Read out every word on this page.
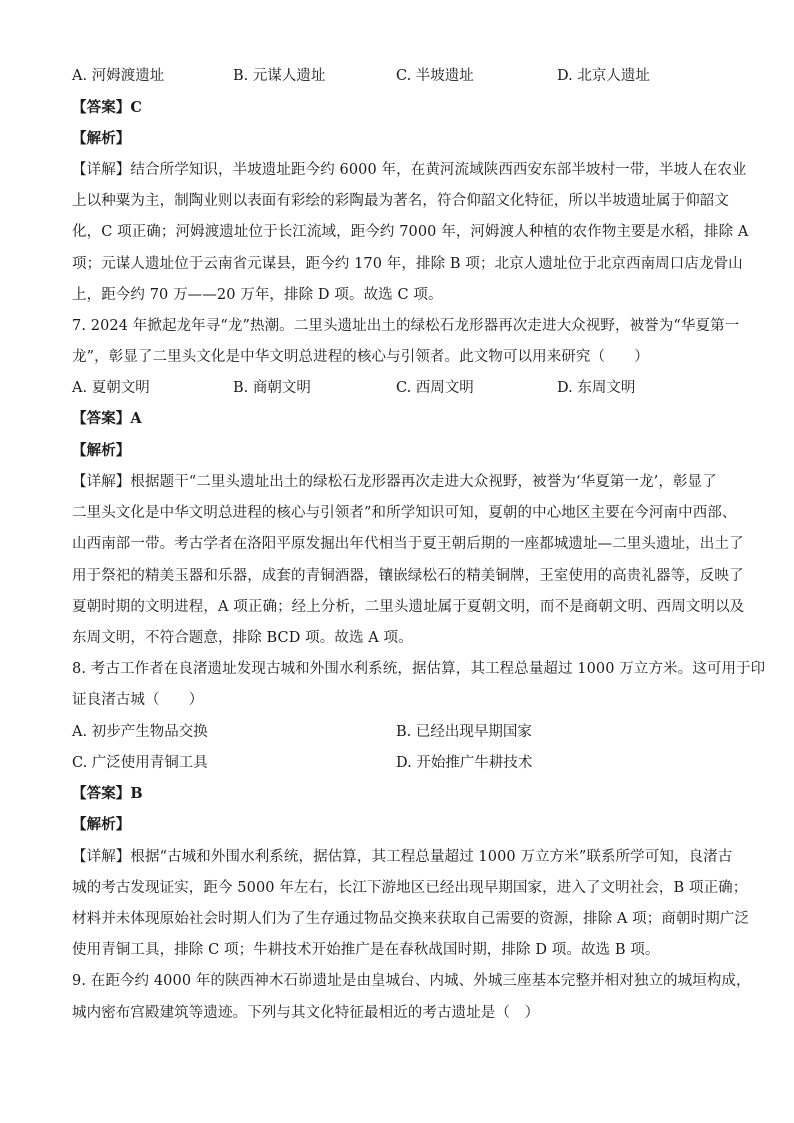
A. 河姆渡遗址	B. 元谋人遗址	C. 半坡遗址	D. 北京人遗址
【答案】C
【解析】
【详解】结合所学知识，半坡遗址距今约 6000 年，在黄河流域陕西西安东部半坡村一带，半坡人在农业
上以种粟为主，制陶业则以表面有彩绘的彩陶最为著名，符合仰韶文化特征，所以半坡遗址属于仰韶文
化，C 项正确；河姆渡遗址位于长江流域，距今约 7000 年，河姆渡人种植的农作物主要是水稻，排除 A
项；元谋人遗址位于云南省元谋县，距今约 170 年，排除 B 项；北京人遗址位于北京西南周口店龙骨山
上，距今约 70 万——20 万年，排除 D 项。故选 C 项。
7. 2024 年掀起龙年寻“龙”热潮。二里头遗址出土的绿松石龙形器再次走进大众视野，被誉为“华夏第一
龙”，彰显了二里头文化是中华文明总进程的核心与引领者。此文物可以用来研究（　　）
A. 夏朝文明	B. 商朝文明	C. 西周文明	D. 东周文明
【答案】A
【解析】
【详解】根据题干“二里头遗址出土的绿松石龙形器再次走进大众视野，被誉为‘华夏第一龙’，彰显了
二里头文化是中华文明总进程的核心与引领者”和所学知识可知，夏朝的中心地区主要在今河南中西部、
山西南部一带。考古学者在洛阳平原发掘出年代相当于夏王朝后期的一座都城遗址—二里头遗址，出土了
用于祭祀的精美玉器和乐器，成套的青铜酒器，镶嵌绿松石的精美铜牌，王室使用的高贵礼器等，反映了
夏朝时期的文明进程，A 项正确；经上分析，二里头遗址属于夏朝文明，而不是商朝文明、西周文明以及
东周文明，不符合题意，排除 BCD 项。故选 A 项。
8. 考古工作者在良渚遗址发现古城和外围水利系统，据估算，其工程总量超过 1000 万立方米。这可用于印
证良渚古城（　　）
A. 初步产生物品交换	B. 已经出现早期国家
C. 广泛使用青铜工具	D. 开始推广牛耕技术
【答案】B
【解析】
【详解】根据“古城和外围水利系统，据估算，其工程总量超过 1000 万立方米”联系所学可知，良渚古
城的考古发现证实，距今 5000 年左右，长江下游地区已经出现早期国家，进入了文明社会，B 项正确；
材料并未体现原始社会时期人们为了生存通过物品交换来获取自己需要的资源，排除 A 项；商朝时期广泛
使用青铜工具，排除 C 项；牛耕技术开始推广是在春秋战国时期，排除 D 项。故选 B 项。
9. 在距今约 4000 年的陕西神木石峁遗址是由皇城台、内城、外城三座基本完整并相对独立的城垣构成，
城内密布宫殿建筑等遗迹。下列与其文化特征最相近的考古遗址是（　）
